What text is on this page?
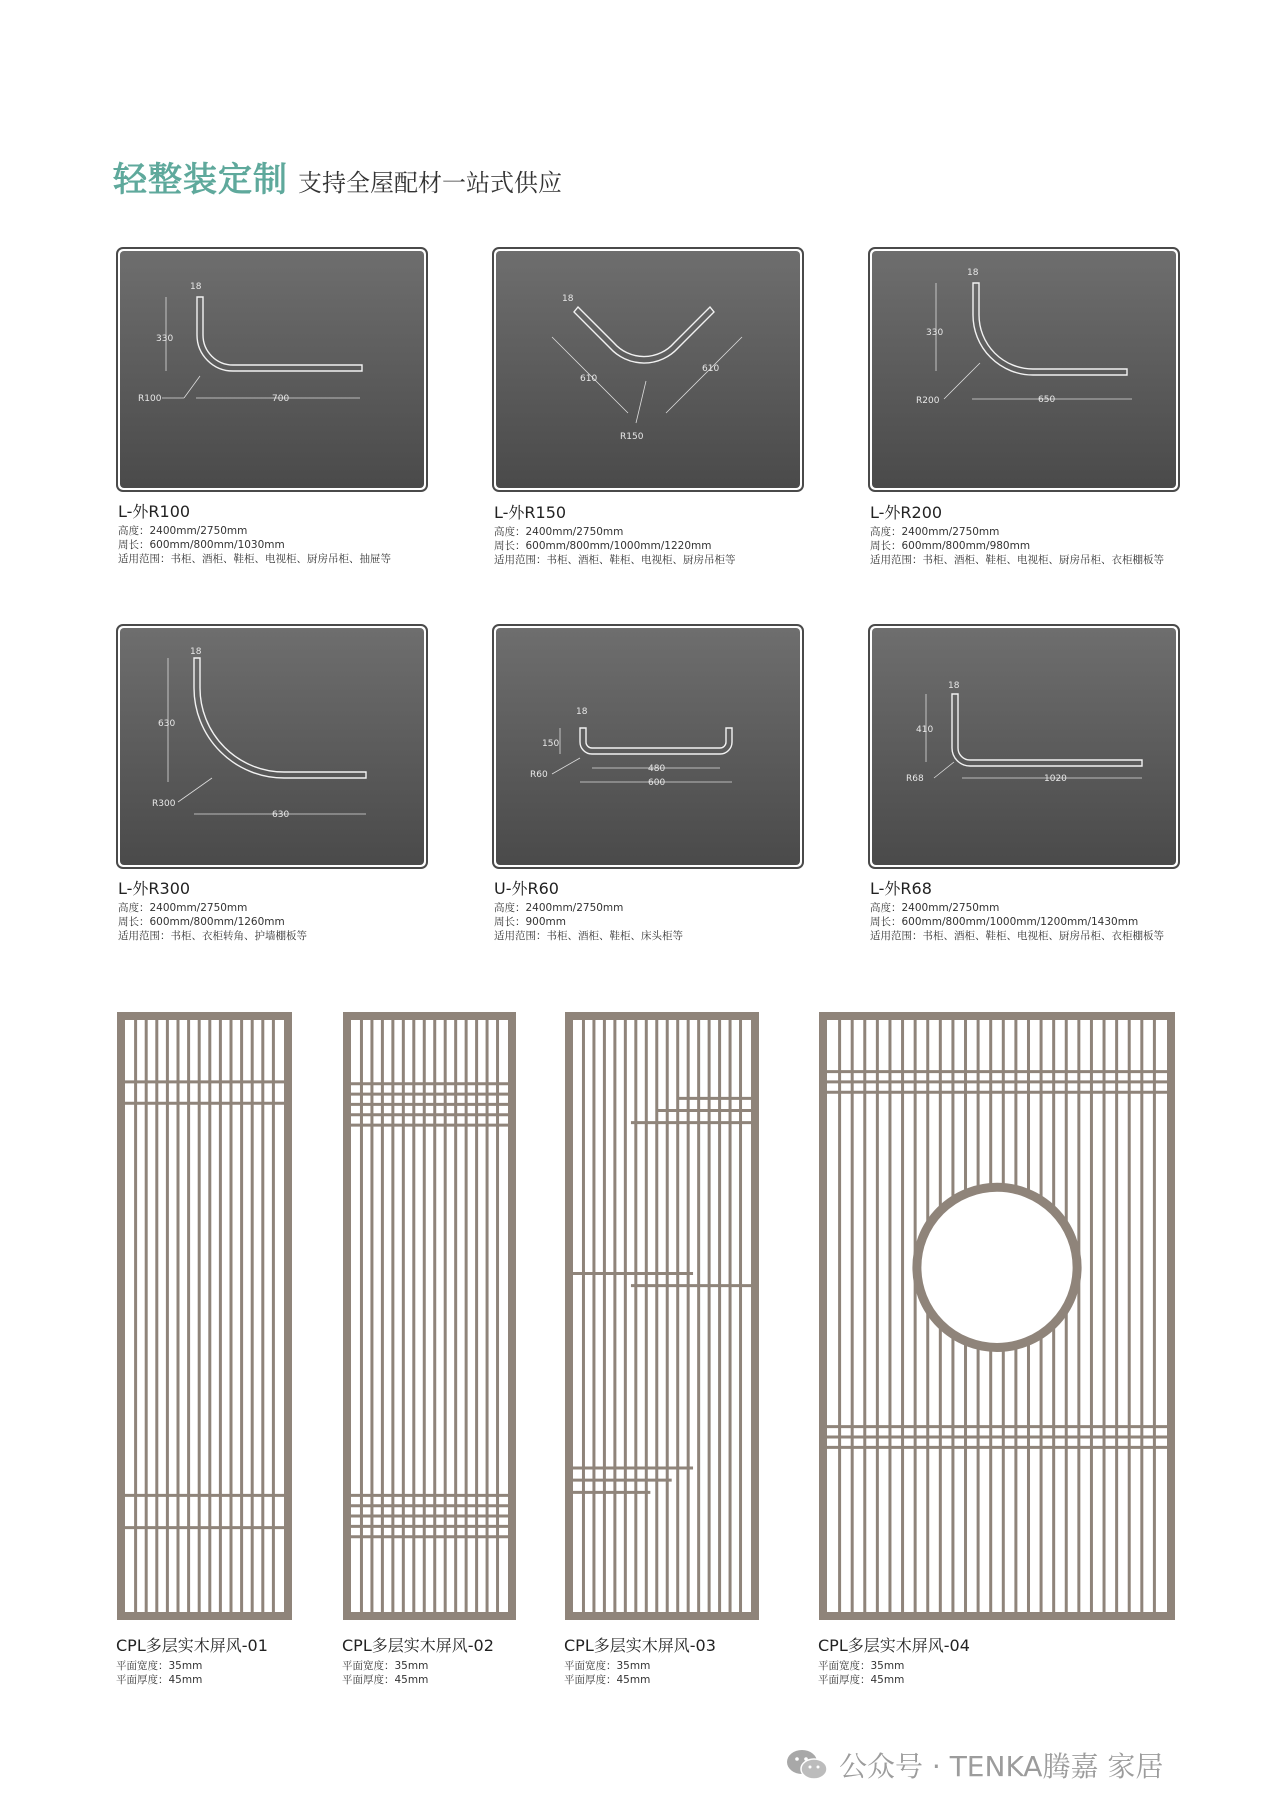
轻整装定制 支持全屋配材一站式供应
18
330
R100	700
L-外R100
高度：2400mm/2750mm
周长：600mm/800mm/1030mm
适用范围：书柜、酒柜、鞋柜、电视柜、厨房吊柜、抽屉等
18
610
610
R150
L-外R150
高度：2400mm/2750mm
周长：600mm/800mm/1000mm/1220mm
适用范围：书柜、酒柜、鞋柜、电视柜、厨房吊柜等
18
330
R200	650
L-外R200
高度：2400mm/2750mm
周长：600mm/800mm/980mm
适用范围：书柜、酒柜、鞋柜、电视柜、厨房吊柜、衣柜棚板等
18
630
R300
630
L-外R300
高度：2400mm/2750mm
周长：600mm/800mm/1260mm
适用范围：书柜、衣柜转角、护墙棚板等
18
150
R60
480
600
U-外R60
高度：2400mm/2750mm
周长：900mm
适用范围：书柜、酒柜、鞋柜、床头柜等
18
410
R68	1020
L-外R68
高度：2400mm/2750mm
周长：600mm/800mm/1000mm/1200mm/1430mm
适用范围：书柜、酒柜、鞋柜、电视柜、厨房吊柜、衣柜棚板等
CPL多层实木屏风-01
平面宽度：35mm
平面厚度：45mm
CPL多层实木屏风-02
平面宽度：35mm
平面厚度：45mm
CPL多层实木屏风-03
平面宽度：35mm
平面厚度：45mm
CPL多层实木屏风-04
平面宽度：35mm
平面厚度：45mm
公众号 · TENKA腾嘉 家居
